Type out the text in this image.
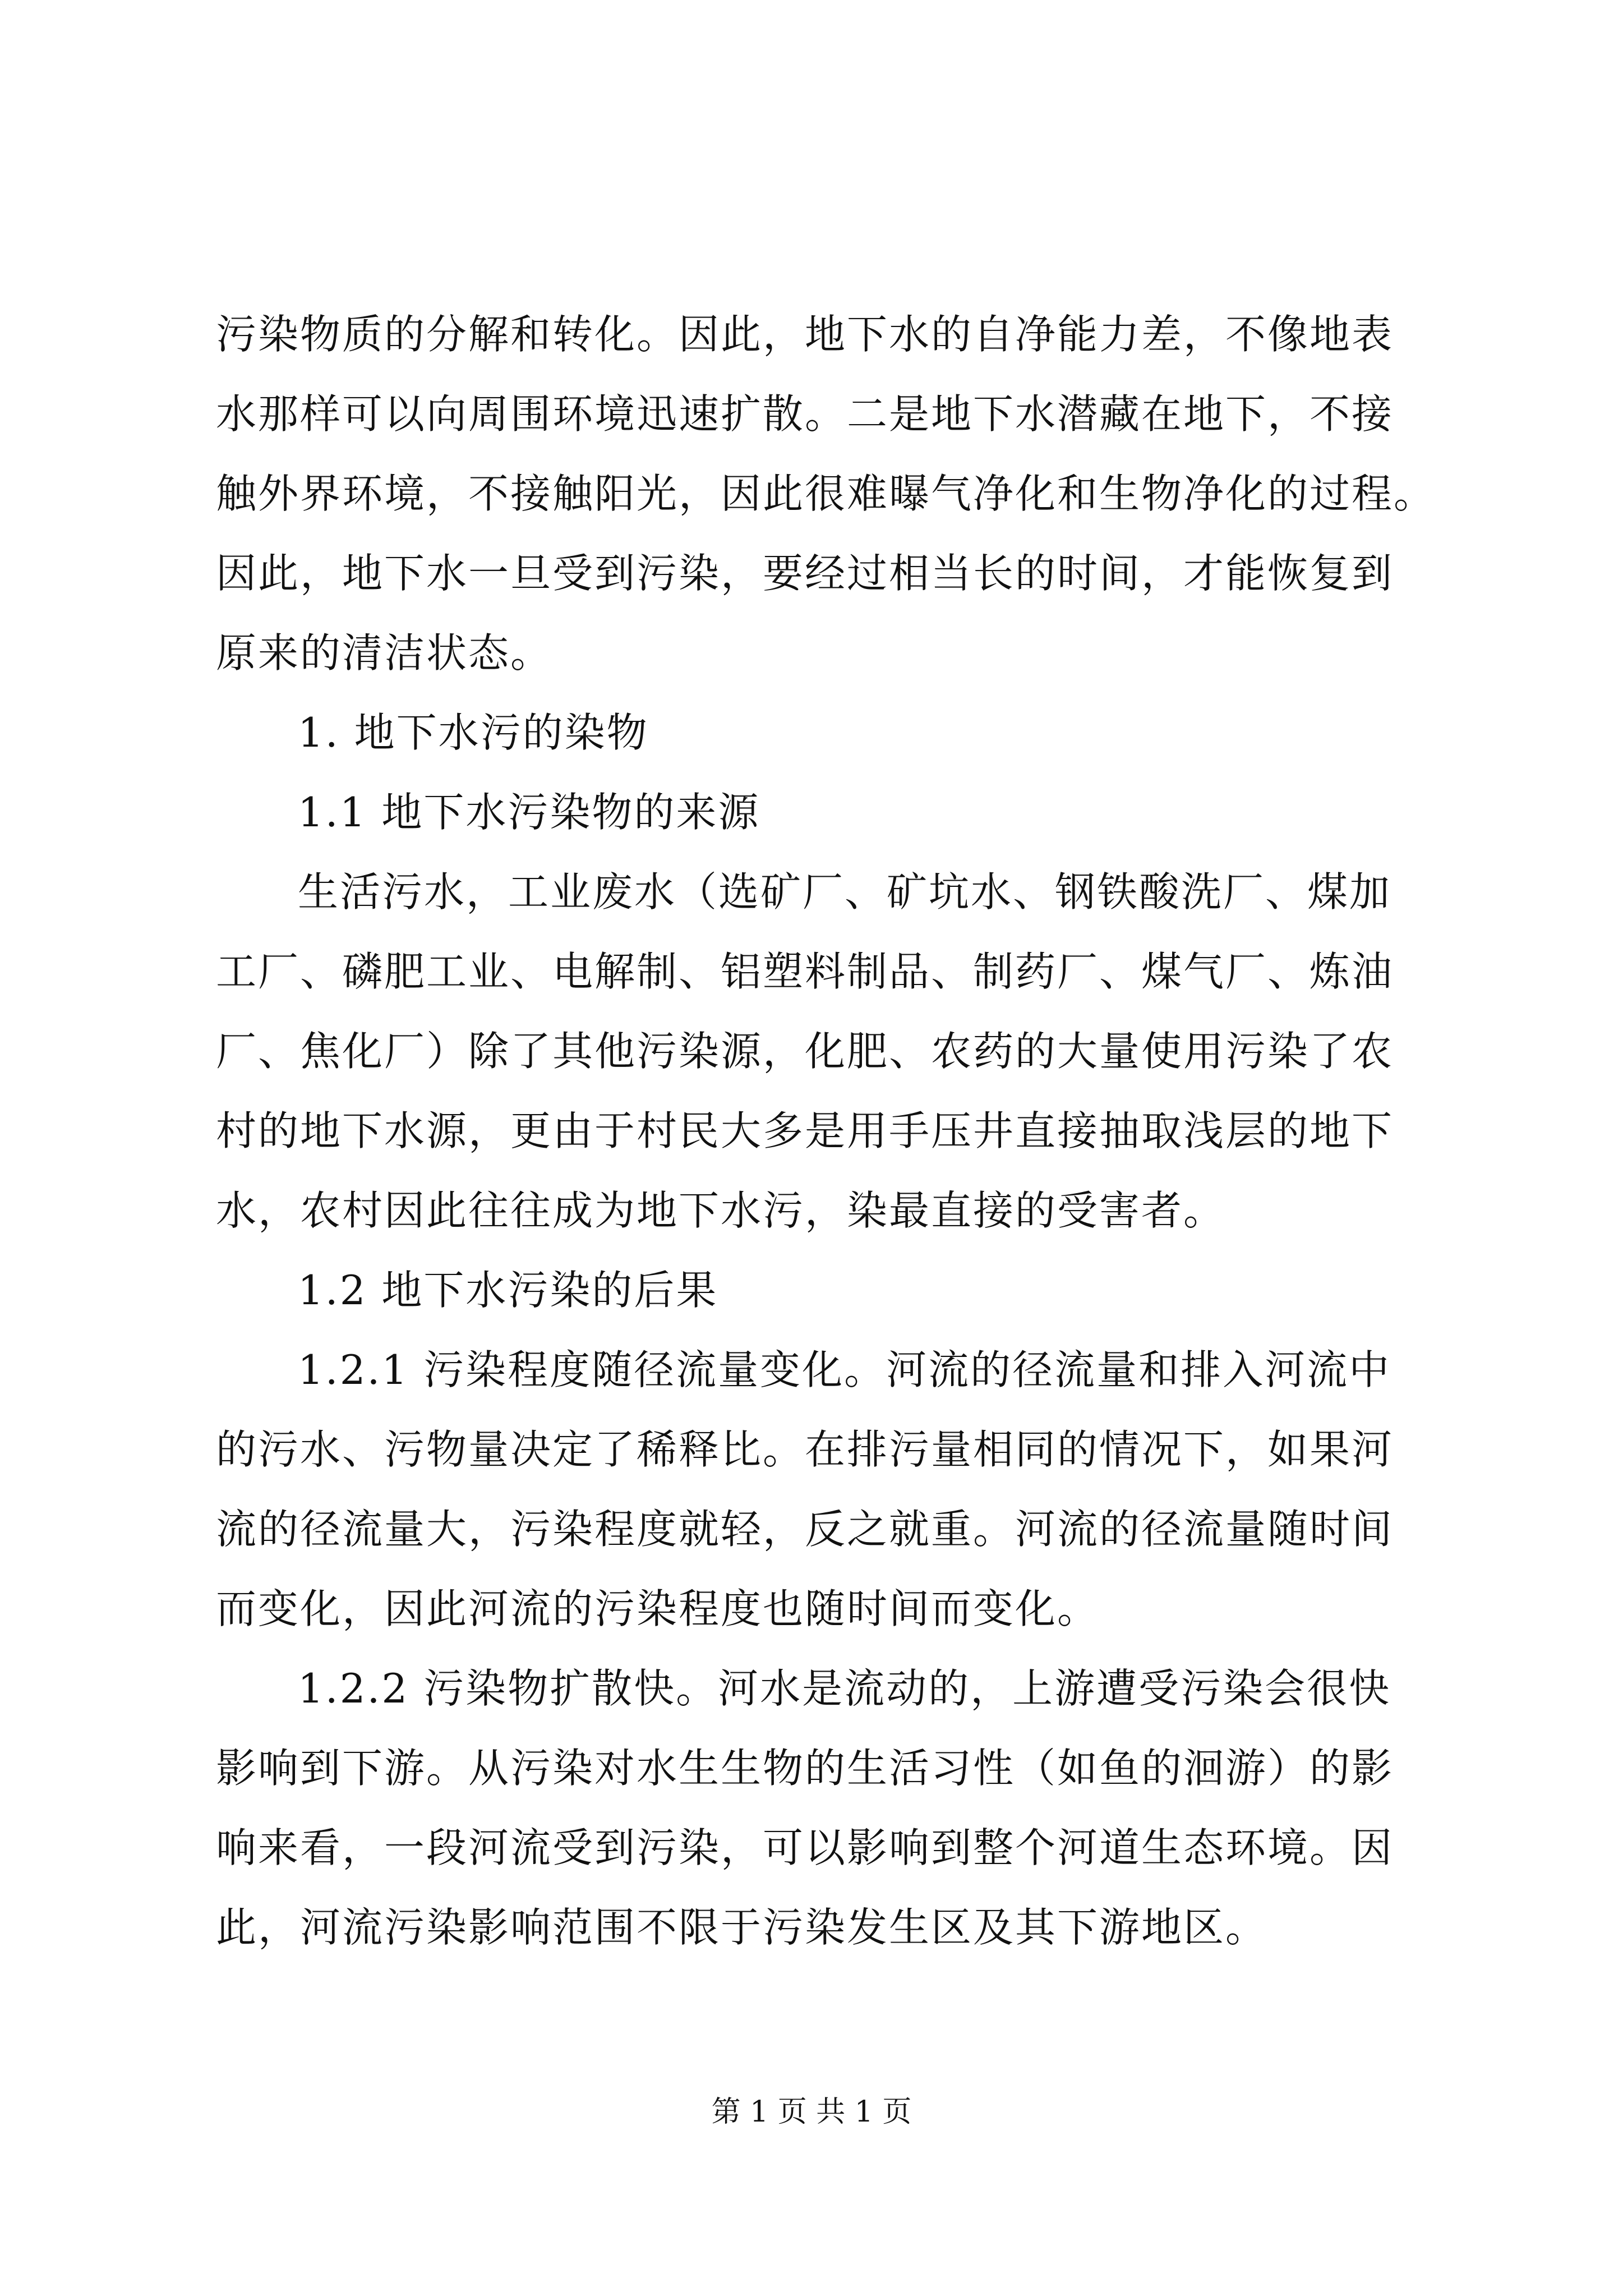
污染物质的分解和转化。因此，地下水的自净能力差，不像地表
水那样可以向周围环境迅速扩散。二是地下水潜藏在地下，不接
触外界环境，不接触阳光，因此很难曝气净化和生物净化的过程。
因此，地下水一旦受到污染，要经过相当长的时间，才能恢复到
原来的清洁状态。

1. 地下水污的染物

1.1 地下水污染物的来源

生活污水，工业废水（选矿厂、矿坑水、钢铁酸洗厂、煤加
工厂、磷肥工业、电解制、铝塑料制品、制药厂、煤气厂、炼油
厂、焦化厂）除了其他污染源，化肥、农药的大量使用污染了农
村的地下水源，更由于村民大多是用手压井直接抽取浅层的地下
水，农村因此往往成为地下水污，染最直接的受害者。

1.2 地下水污染的后果

1.2.1 污染程度随径流量变化。河流的径流量和排入河流中
的污水、污物量决定了稀释比。在排污量相同的情况下，如果河
流的径流量大，污染程度就轻，反之就重。河流的径流量随时间
而变化，因此河流的污染程度也随时间而变化。

1.2.2 污染物扩散快。河水是流动的，上游遭受污染会很快
影响到下游。从污染对水生生物的生活习性（如鱼的洄游）的影
响来看，一段河流受到污染，可以影响到整个河道生态环境。因
此，河流污染影响范围不限于污染发生区及其下游地区。

第 1 页 共 1 页
